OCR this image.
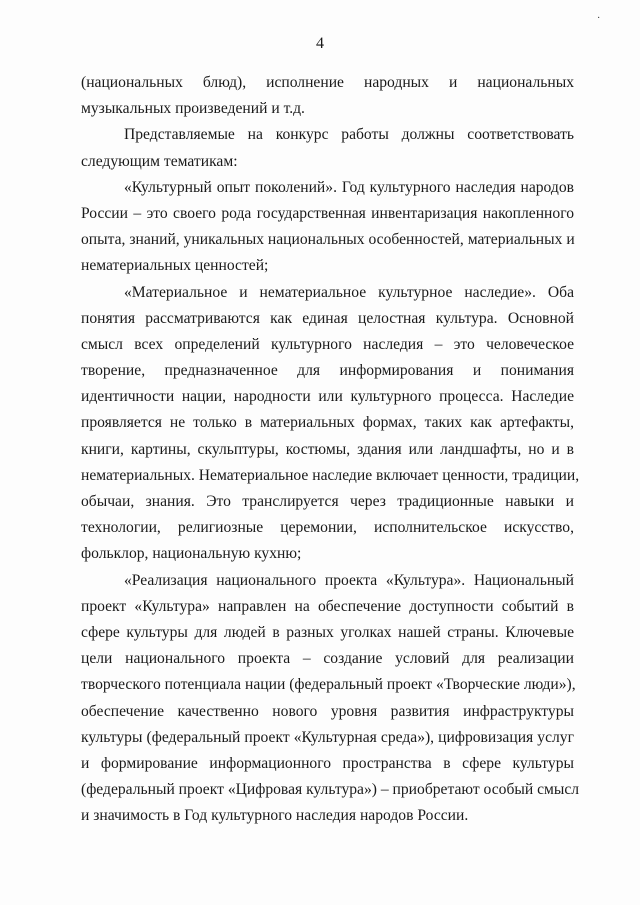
·
4
(национальных блюд), исполнение народных и национальных
музыкальных произведений и т.д.
Представляемые на конкурс работы должны соответствовать
следующим тематикам:
«Культурный опыт поколений». Год культурного наследия народов
России – это своего рода государственная инвентаризация накопленного
опыта, знаний, уникальных национальных особенностей, материальных и
нематериальных ценностей;
«Материальное и нематериальное культурное наследие». Оба
понятия рассматриваются как единая целостная культура. Основной
смысл всех определений культурного наследия – это человеческое
творение, предназначенное для информирования и понимания
идентичности нации, народности или культурного процесса. Наследие
проявляется не только в материальных формах, таких как артефакты,
книги, картины, скульптуры, костюмы, здания или ландшафты, но и в
нематериальных. Нематериальное наследие включает ценности, традиции,
обычаи, знания. Это транслируется через традиционные навыки и
технологии, религиозные церемонии, исполнительское искусство,
фольклор, национальную кухню;
«Реализация национального проекта «Культура». Национальный
проект «Культура» направлен на обеспечение доступности событий в
сфере культуры для людей в разных уголках нашей страны. Ключевые
цели национального проекта – создание условий для реализации
творческого потенциала нации (федеральный проект «Творческие люди»),
обеспечение качественно нового уровня развития инфраструктуры
культуры (федеральный проект «Культурная среда»), цифровизация услуг
и формирование информационного пространства в сфере культуры
(федеральный проект «Цифровая культура») – приобретают особый смысл
и значимость в Год культурного наследия народов России.
